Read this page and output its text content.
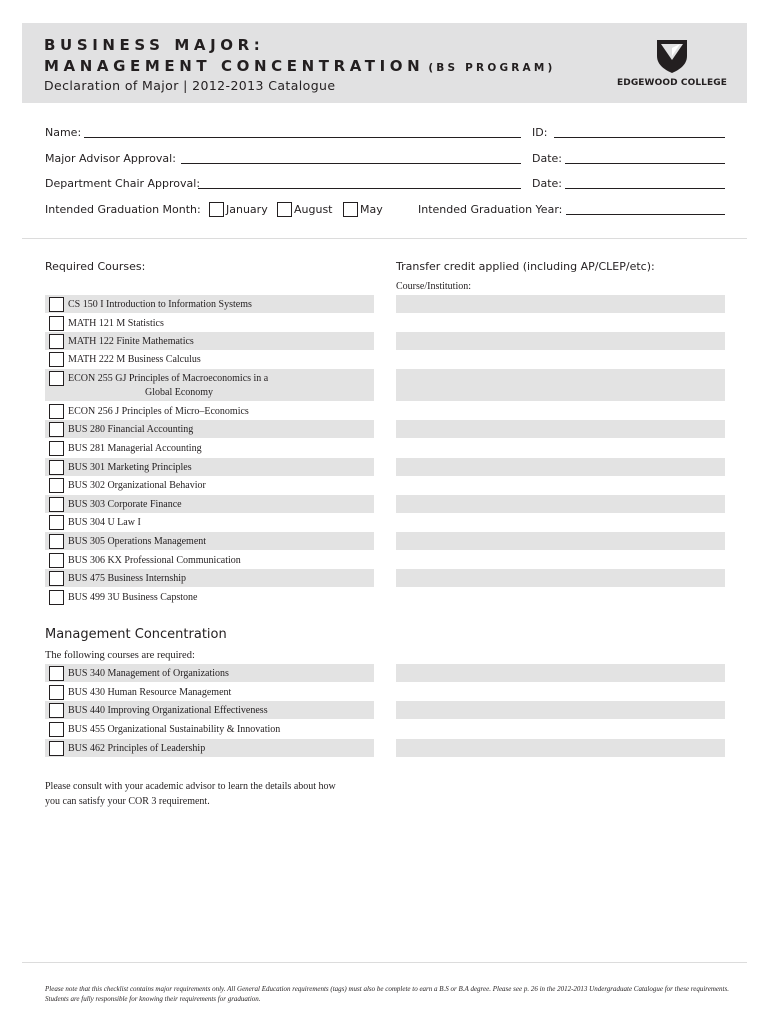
BUSINESS MAJOR:
MANAGEMENT CONCENTRATION (BS PROGRAM)
Declaration of Major | 2012-2013 Catalogue	EDGEWOOD COLLEGE
Name:	ID:
Major Advisor Approval:	Date:
Department Chair Approval:	Date:
Intended Graduation Month: January August	May	Intended Graduation Year:
Required Courses:	Transfer credit applied (including AP/CLEP/etc):
Course/Institution:
CS 150 I Introduction to Information Systems
MATH 121 M Statistics
MATH 122 Finite Mathematics
MATH 222 M Business Calculus
ECON 255 GJ Principles of Macroeconomics in a
Global Economy
ECON 256 J Principles of Micro–Economics
BUS 280 Financial Accounting
BUS 281 Managerial Accounting
BUS 301 Marketing Principles
BUS 302 Organizational Behavior
BUS 303 Corporate Finance
BUS 304 U Law I
BUS 305 Operations Management
BUS 306 KX Professional Communication
BUS 475 Business Internship
BUS 499 3U Business Capstone
Management Concentration
The following courses are required:
BUS 340 Management of Organizations
BUS 430 Human Resource Management
BUS 440 Improving Organizational Effectiveness
BUS 455 Organizational Sustainability & Innovation
BUS 462 Principles of Leadership
Please consult with your academic advisor to learn the details about how
you can satisfy your COR 3 requirement.
Please note that this checklist contains major requirements only. All General Education requirements (tags) must also be complete to earn a B.S or B.A degree. Please see p. 26 in the 2012-2013 Undergraduate Catalogue for these requirements. Students are fully responsible for knowing their requirements for graduation.
